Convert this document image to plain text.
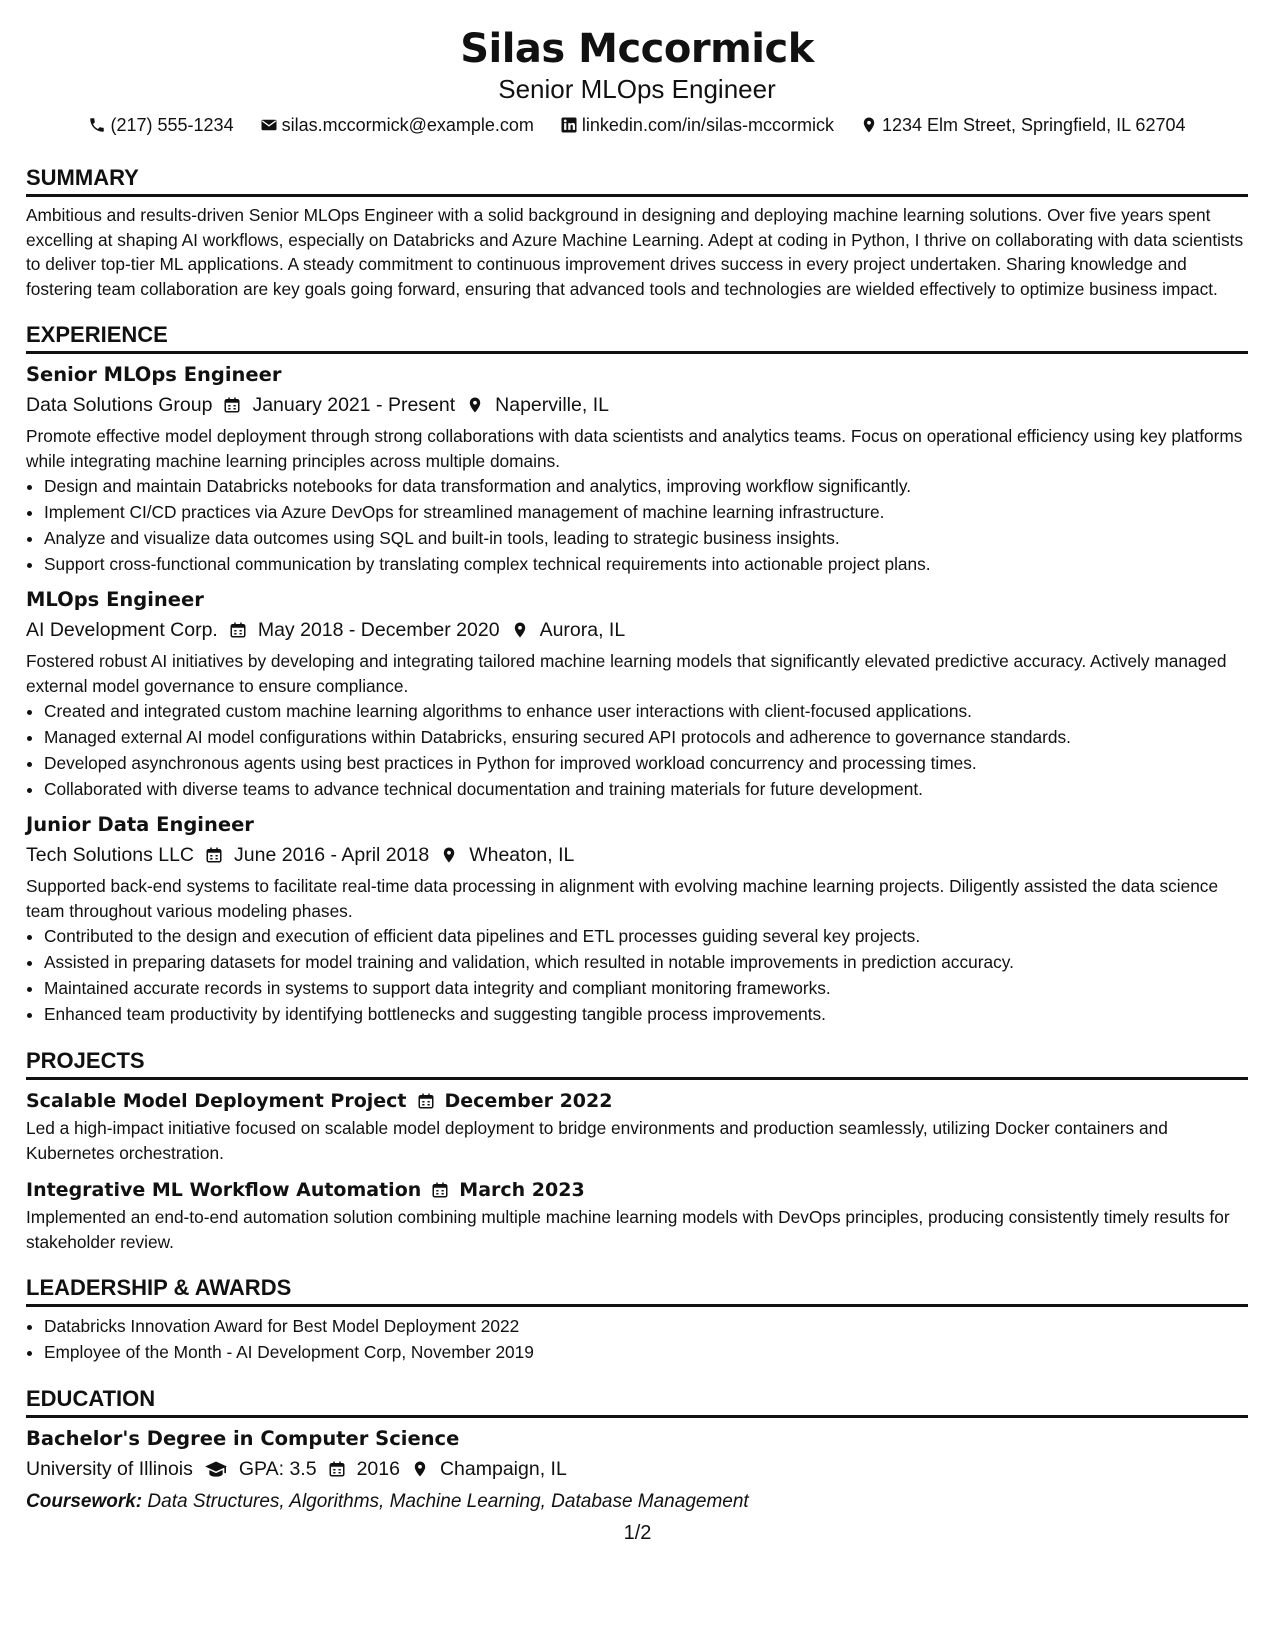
Silas Mccormick
Senior MLOps Engineer
(217) 555-1234	silas.mccormick@example.com	linkedin.com/in/silas-mccormick	1234 Elm Street, Springfield, IL 62704
SUMMARY

Ambitious and results-driven Senior MLOps Engineer with a solid background in designing and deploying machine learning solutions. Over five years spent excelling at shaping AI workflows, especially on Databricks and Azure Machine Learning. Adept at coding in Python, I thrive on collaborating with data scientists to deliver top-tier ML applications. A steady commitment to continuous improvement drives success in every project undertaken. Sharing knowledge and fostering team collaboration are key goals going forward, ensuring that advanced tools and technologies are wielded effectively to optimize business impact.

EXPERIENCE
Senior MLOps Engineer
Data Solutions Group January 2021 - Present Naperville, IL

Promote effective model deployment through strong collaborations with data scientists and analytics teams. Focus on operational efficiency using key platforms while integrating machine learning principles across multiple domains.

• Design and maintain Databricks notebooks for data transformation and analytics, improving workflow significantly.
• Implement CI/CD practices via Azure DevOps for streamlined management of machine learning infrastructure.
• Analyze and visualize data outcomes using SQL and built-in tools, leading to strategic business insights.
• Support cross-functional communication by translating complex technical requirements into actionable project plans.
MLOps Engineer
AI Development Corp. May 2018 - December 2020 Aurora, IL

Fostered robust AI initiatives by developing and integrating tailored machine learning models that significantly elevated predictive accuracy. Actively managed external model governance to ensure compliance.

• Created and integrated custom machine learning algorithms to enhance user interactions with client-focused applications.
• Managed external AI model configurations within Databricks, ensuring secured API protocols and adherence to governance standards.
• Developed asynchronous agents using best practices in Python for improved workload concurrency and processing times.
• Collaborated with diverse teams to advance technical documentation and training materials for future development.
Junior Data Engineer
Tech Solutions LLC June 2016 - April 2018 Wheaton, IL

Supported back-end systems to facilitate real-time data processing in alignment with evolving machine learning projects. Diligently assisted the data science team throughout various modeling phases.

• Contributed to the design and execution of efficient data pipelines and ETL processes guiding several key projects.
• Assisted in preparing datasets for model training and validation, which resulted in notable improvements in prediction accuracy.
• Maintained accurate records in systems to support data integrity and compliant monitoring frameworks.
• Enhanced team productivity by identifying bottlenecks and suggesting tangible process improvements.
PROJECTS
Scalable Model Deployment Project December 2022

Led a high-impact initiative focused on scalable model deployment to bridge environments and production seamlessly, utilizing Docker containers and Kubernetes orchestration.

Integrative ML Workflow Automation March 2023

Implemented an end-to-end automation solution combining multiple machine learning models with DevOps principles, producing consistently timely results for stakeholder review.

LEADERSHIP & AWARDS
• Databricks Innovation Award for Best Model Deployment 2022
• Employee of the Month - AI Development Corp, November 2019
EDUCATION
Bachelor's Degree in Computer Science
University of Illinois GPA: 3.5 2016 Champaign, IL
Coursework: Data Structures, Algorithms, Machine Learning, Database Management
1/2
